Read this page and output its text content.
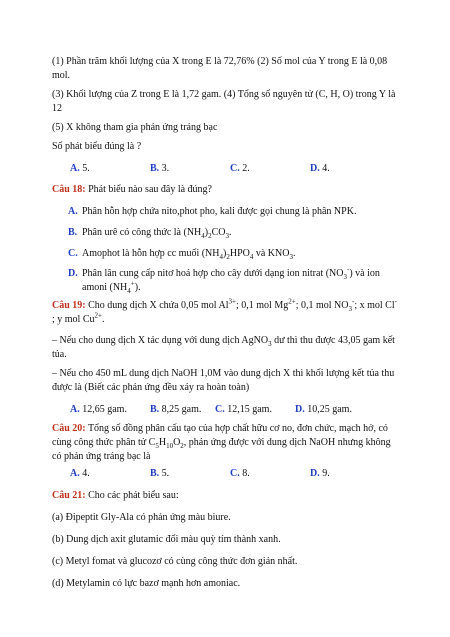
(1) Phần trăm khối lượng của X trong E là 72,76% (2) Số mol của Y trong E là 0,08 mol.

(3) Khối lượng của Z trong E là 1,72 gam. (4) Tổng số nguyên tử (C, H, O) trong Y là 12

(5) X không tham gia phản ứng tráng bạc

Số phát biểu đúng là ?

A. 5.	B. 3.	C. 2.	D. 4.

Câu 18: Phát biểu nào sau đây là đúng?

A. Phân hỗn hợp chứa nito,phot pho, kali được gọi chung là phân NPK.
B. Phân urê có công thức là $(NH_4)_2CO_3$.
C. Amophot là hỗn hợp cc muối $(NH_4)_2HPO_4$ và $KNO_3$.
D. Phân lân cung cấp nitơ hoá hợp cho cây dưới dạng ion nitrat $(NO_3^-)$ và ion amoni $(NH_4^+)$.

Câu 19: Cho dung dịch X chứa 0,05 mol $Al^{3+}$; 0,1 mol $Mg^{2+}$; 0,1 mol $NO_3^-$; x mol Cl- ; y mol $Cu^{2+}$.

– Nếu cho dung dịch X tác dụng với dung dịch AgNO$_3$ dư thì thu được 43,05 gam kết tủa.

– Nếu cho 450 mL dung dịch NaOH 1,0M vào dung dịch X thì khối lượng kết tủa thu được là (Biết các phản ứng đều xảy ra hoàn toàn)

A. 12,65 gam. B. 8,25 gam. C. 12,15 gam. D. 10,25 gam.

Câu 20: Tổng số đồng phân cấu tạo của hợp chất hữu cơ no, đơn chức, mạch hở, có cùng công thức phân tử $C_5H_{10}O_2$, phản ứng được với dung dịch NaOH nhưng không có phản ứng tráng bạc là

A. 4.	B. 5.	C. 8.	D. 9.

Câu 21: Cho các phát biểu sau:

(a) Đipeptit Gly-Ala có phản ứng màu biure.

(b) Dung dịch axit glutamic đổi màu quỳ tím thành xanh.

(c) Metyl fomat và glucozơ có cùng công thức đơn giản nhất.

(d) Metylamin có lực bazơ mạnh hơn amoniac.
